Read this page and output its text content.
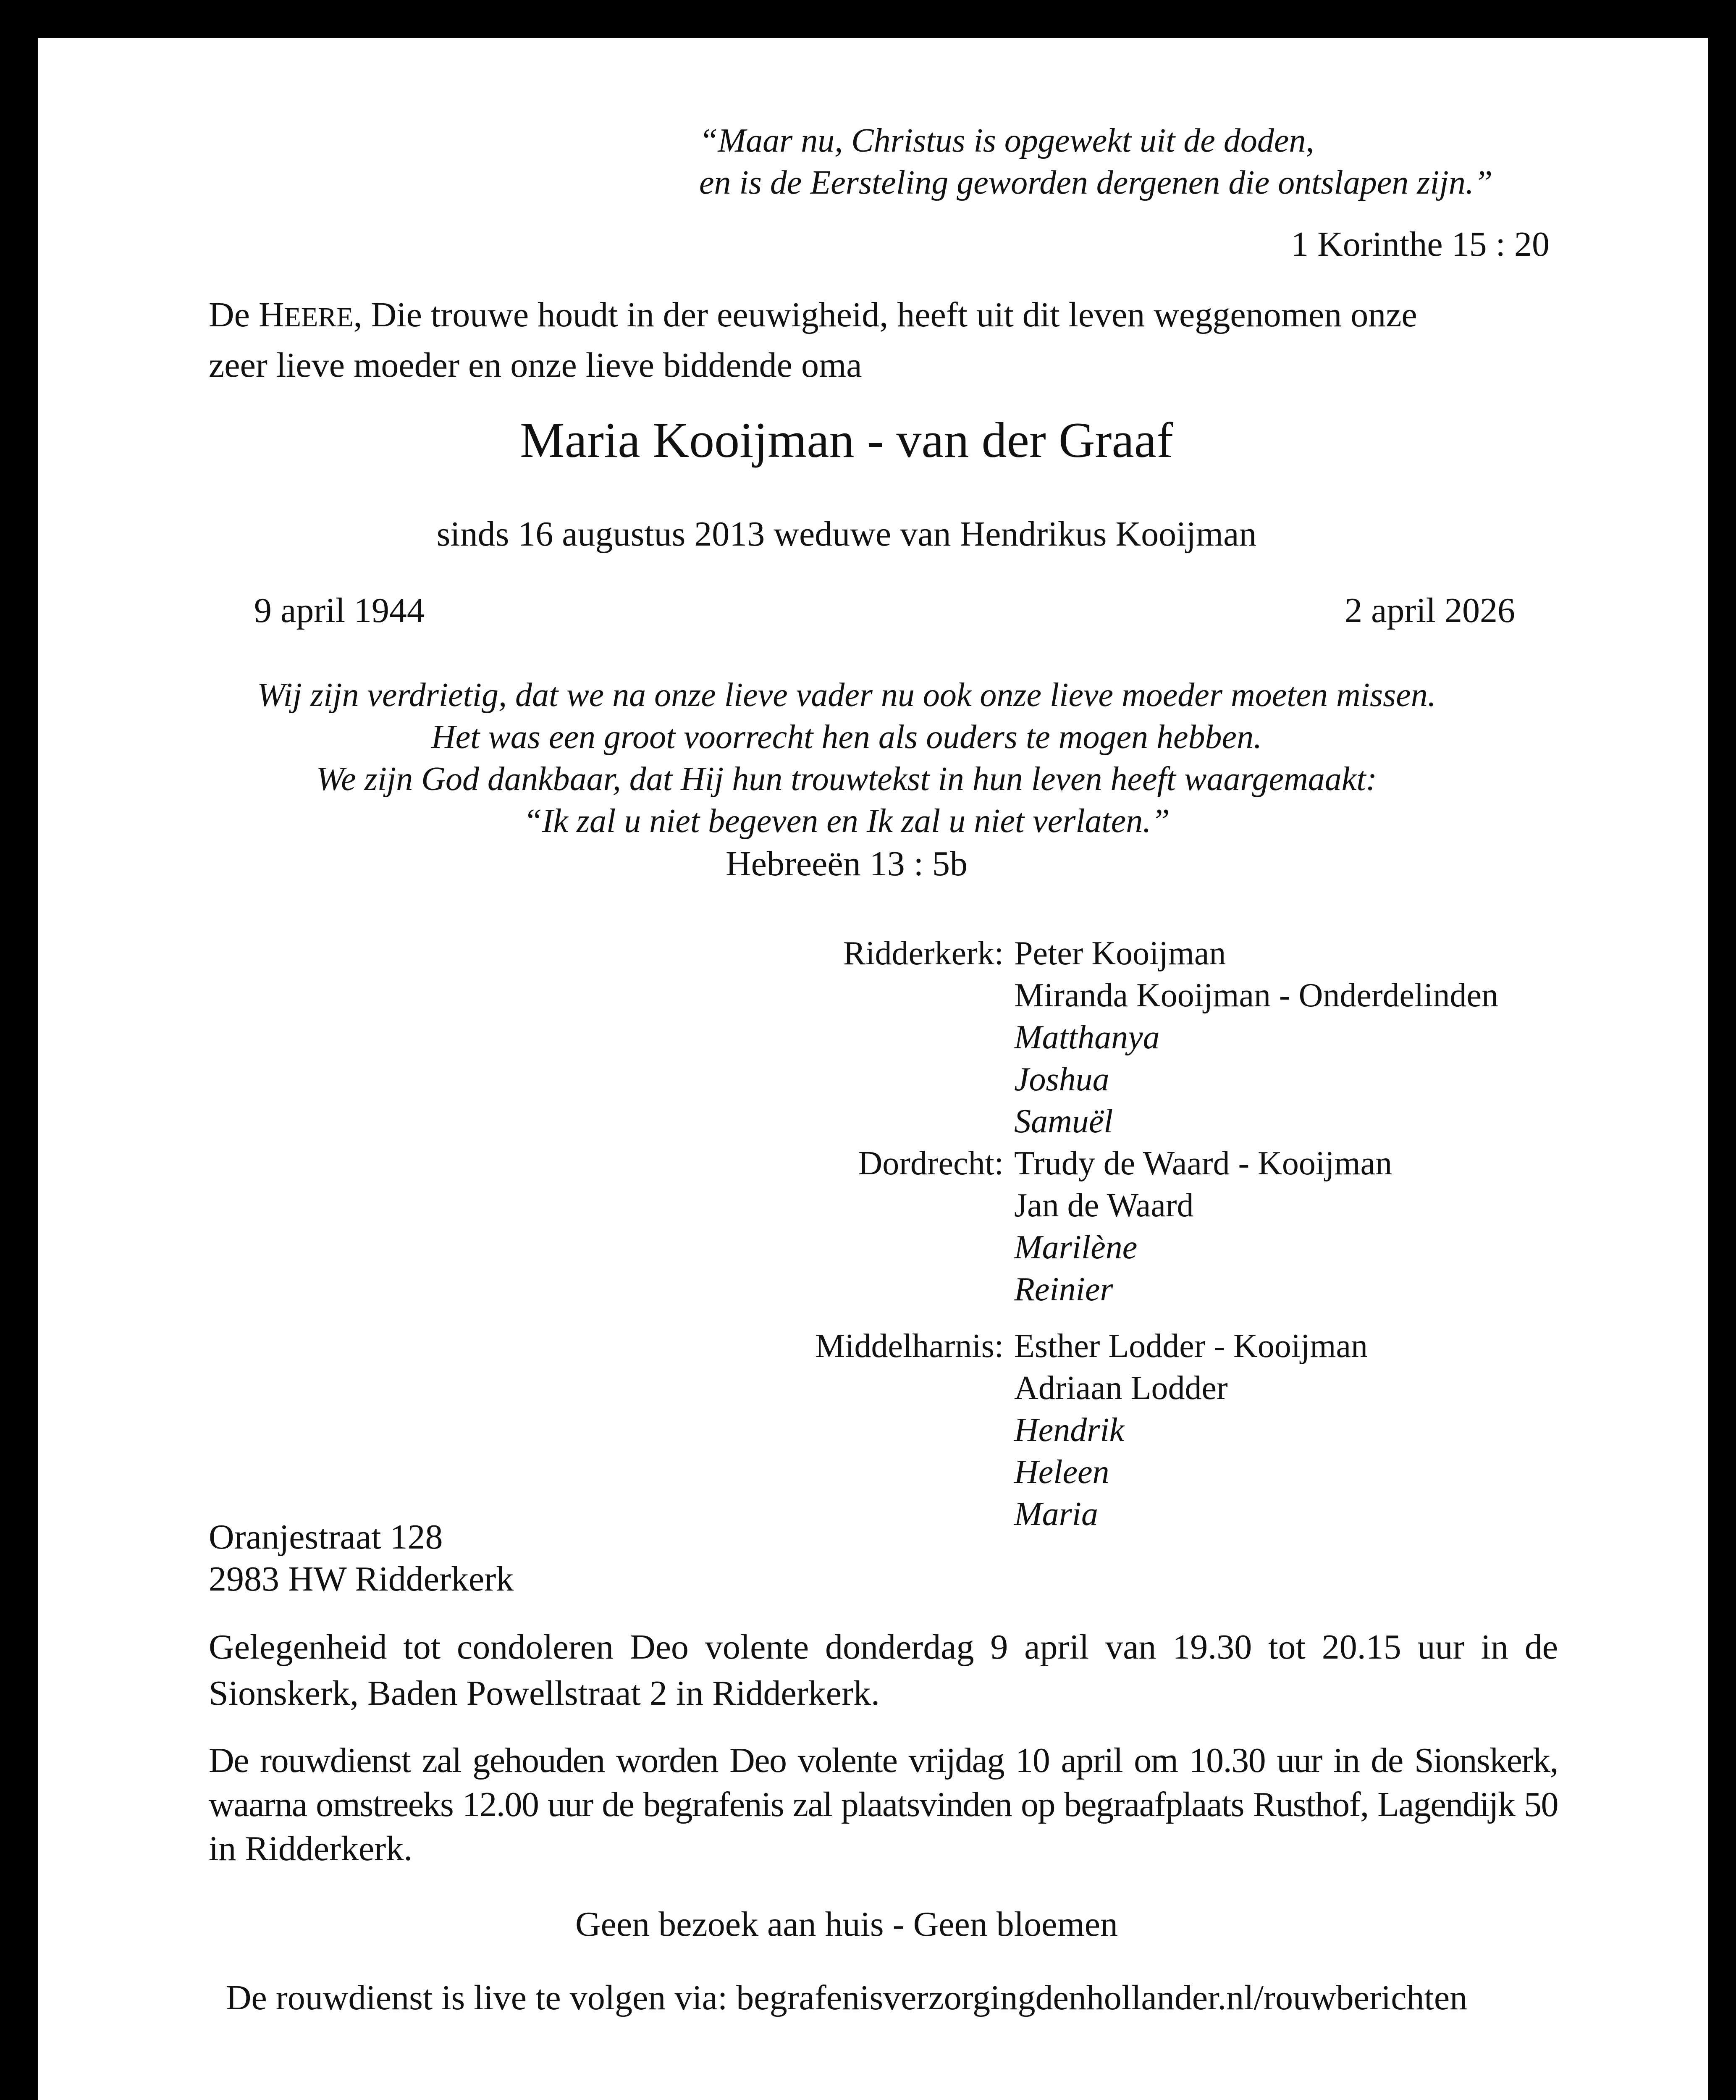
“Maar nu, Christus is opgewekt uit de doden,

en is de Eersteling geworden dergenen die ontslapen zijn.”

1 Korinthe 15 : 20

De HEERE, Die trouwe houdt in der eeuwigheid, heeft uit dit leven weggenomen onze

zeer lieve moeder en onze lieve biddende oma

Maria Kooijman - van der Graaf

sinds 16 augustus 2013 weduwe van Hendrikus Kooijman

9 april 1944	2 april 2026

Wij zijn verdrietig, dat we na onze lieve vader nu ook onze lieve moeder moeten missen.

Het was een groot voorrecht hen als ouders te mogen hebben.

We zijn God dankbaar, dat Hij hun trouwtekst in hun leven heeft waargemaakt:

“Ik zal u niet begeven en Ik zal u niet verlaten.”

Hebreeën 13 : 5b

Ridderkerk: Peter Kooijman
Miranda Kooijman - Onderdelinden
Matthanya
Joshua
Samuël
Dordrecht: Trudy de Waard - Kooijman
Jan de Waard
Marilène
Reinier
Middelharnis: Esther Lodder - Kooijman
Adriaan Lodder
Hendrik
Heleen
Maria

Oranjestraat 128

2983 HW Ridderkerk

Gelegenheid tot condoleren Deo volente donderdag 9 april van 19.30 tot 20.15 uur in de

Sionskerk, Baden Powellstraat 2 in Ridderkerk.

De rouwdienst zal gehouden worden Deo volente vrijdag 10 april om 10.30 uur in de Sionskerk,

waarna omstreeks 12.00 uur de begrafenis zal plaatsvinden op begraafplaats Rusthof, Lagendijk 50

in Ridderkerk.

Geen bezoek aan huis - Geen bloemen

De rouwdienst is live te volgen via: begrafenisverzorgingdenhollander.nl/rouwberichten
